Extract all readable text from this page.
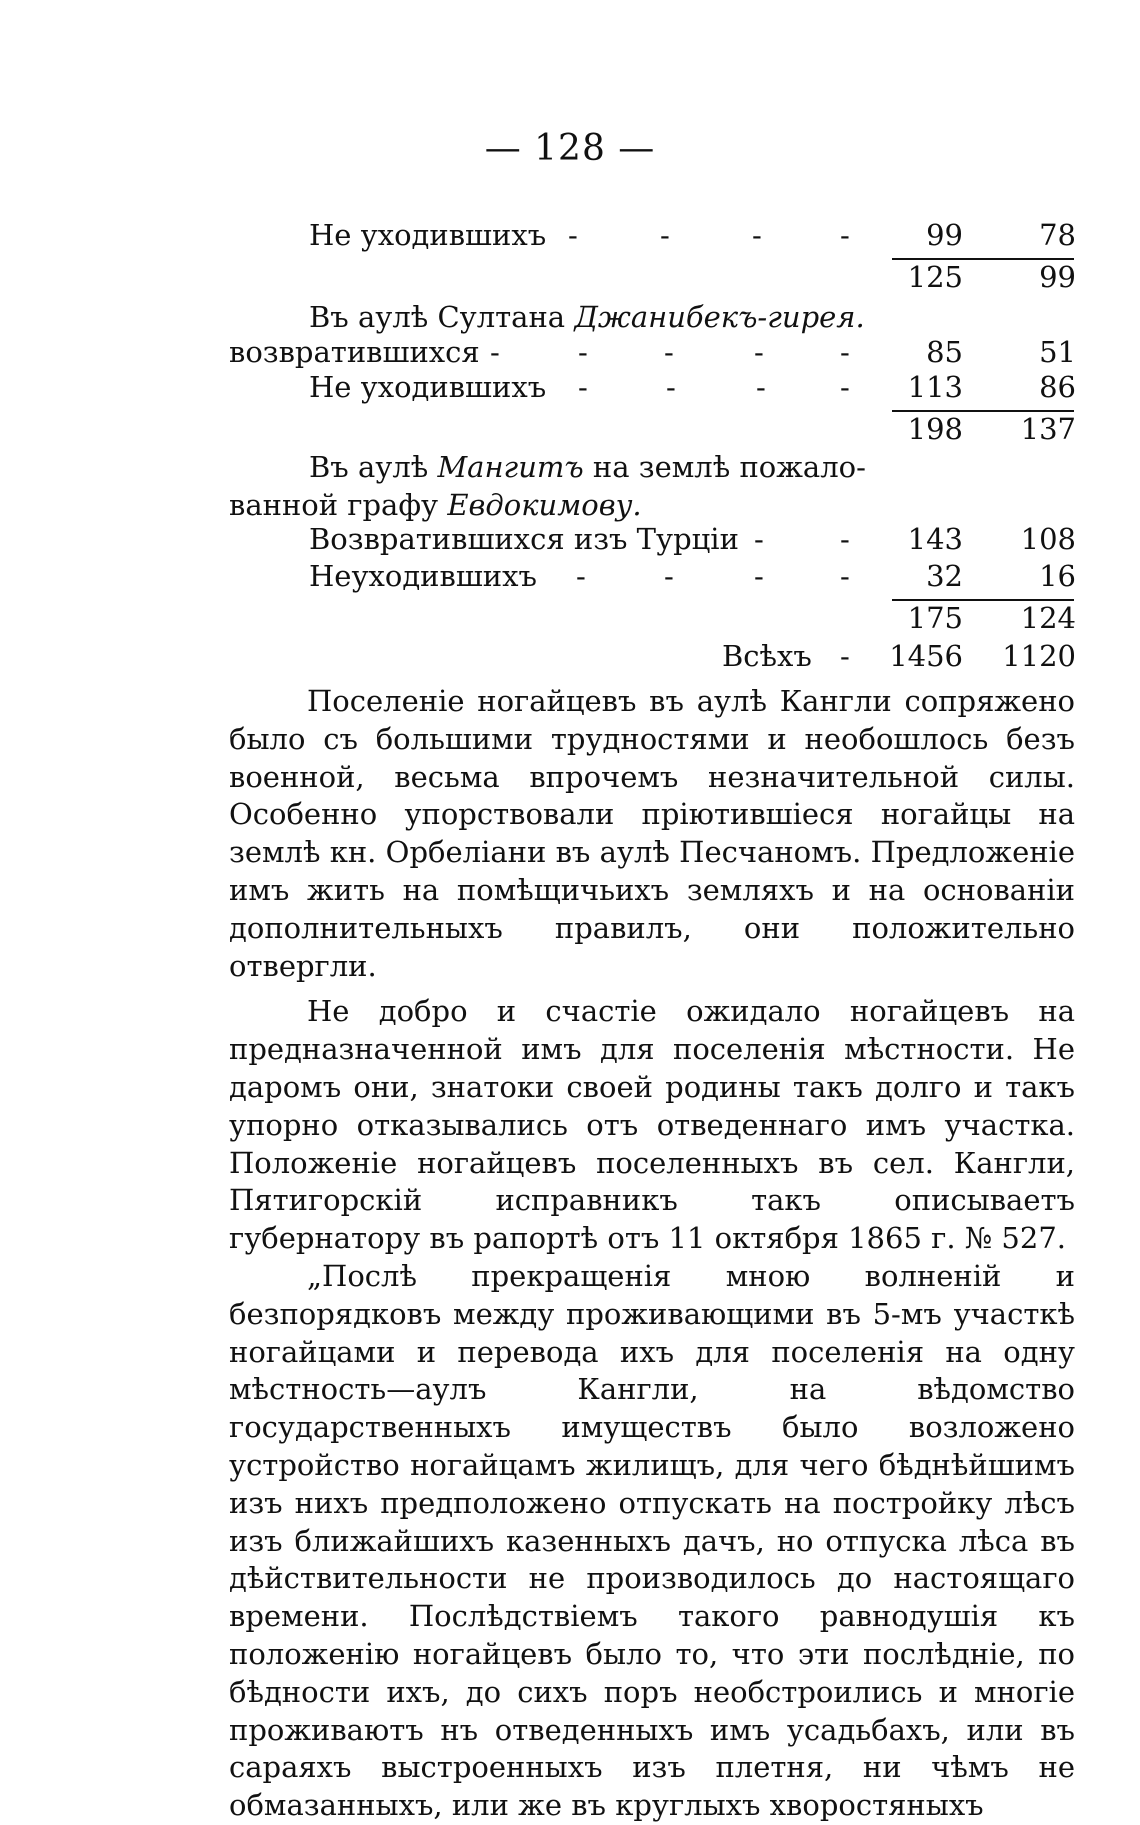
— 128 —
Не уходившихъ -	-	-	-	99	78
125	99
Въ аулѣ Султана Джанибекъ-гирея.
возвратившихся -	-	-	-	-	85	51
Не уходившихъ -	-	-	- 113	86
198 137
Въ аулѣ Мангитъ на землѣ пожало-
ванной графу Евдокимову.
Возвратившихся изъ Турціи -	- 143 108
Неуходившихъ -	-	-	-	32	16
175 124
Всѣхъ - 1456 1120

Поселеніе ногайцевъ въ аулѣ Кангли сопряжено было съ большими трудностями и необошлось безъ военной, весьма впрочемъ незначительной силы. Особенно упорствовали пріютившіеся ногайцы на землѣ кн. Орбеліани въ аулѣ Песчаномъ. Предложеніе имъ жить на помѣщичьихъ земляхъ и на основаніи дополнительныхъ правилъ, они положительно отвергли.

Не добро и счастіе ожидало ногайцевъ на предназначенной имъ для поселенія мѣстности. Не даромъ они, знатоки своей родины такъ долго и такъ упорно отказывались отъ отведеннаго имъ участка. Положеніе ногайцевъ поселенныхъ въ сел. Кангли, Пятигорскій исправникъ такъ описываетъ губернатору въ рапортѣ отъ 11 октября 1865 г. № 527.

„Послѣ прекращенія мною волненій и безпорядковъ между проживающими въ 5-мъ участкѣ ногайцами и перевода ихъ для поселенія на одну мѣстность—аулъ Кангли, на вѣдомство государственныхъ имуществъ было возложено устройство ногайцамъ жилищъ, для чего бѣднѣйшимъ изъ нихъ предположено отпускать на постройку лѣсъ изъ ближайшихъ казенныхъ дачъ, но отпуска лѣса въ дѣйствительности не производилось до настоящаго времени. Послѣдствіемъ такого равнодушія къ положенію ногайцевъ было то, что эти послѣдніе, по бѣдности ихъ, до сихъ поръ необстроились и многіе проживаютъ нъ отведенныхъ имъ усадьбахъ, или въ сараяхъ выстроенныхъ изъ плетня, ни чѣмъ не обмазанныхъ, или же въ круглыхъ хворостяныхъ
